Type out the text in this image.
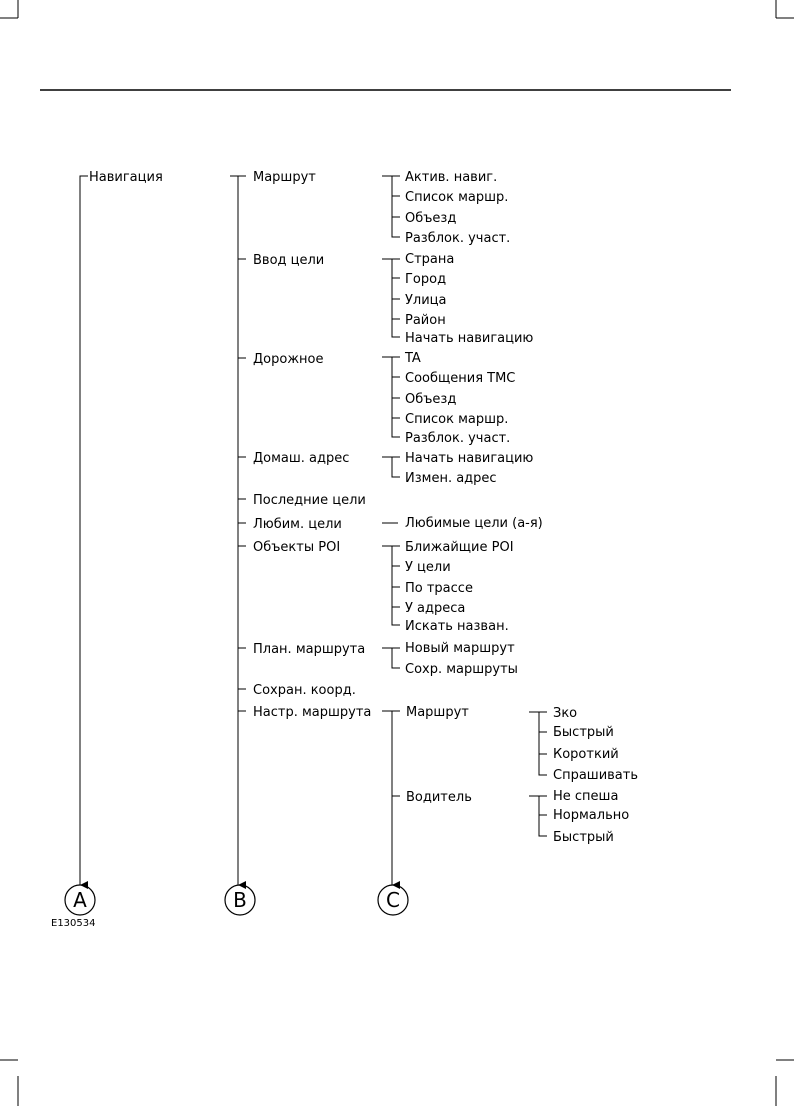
Навигация	Маршрут
Ввод цели
Дорожное
Домаш. адрес
Последние цели
Любим. цели
Объекты POI
План. маршрута
Сохран. коорд.
Настр. маршрута
Актив. навиг.
Список маршр.
Объезд
Разблок. участ.
Страна
Город
Улица
Район
Начать навигацию
TA
Сообщения TMC
Объезд
Список маршр.
Разблок. участ.
Начать навигацию
Измен. адрес
Любимые цели (а-я)
Ближайщие POI
У цели
По трассе
У адреса
Искать назван.
Новый маршрут
Сохр. маршруты
Маршрут
Водитель
Зко
Быстрый
Короткий
Спрашивать
Не спеша
Нормально
Быстрый
A	B	C
E130534
